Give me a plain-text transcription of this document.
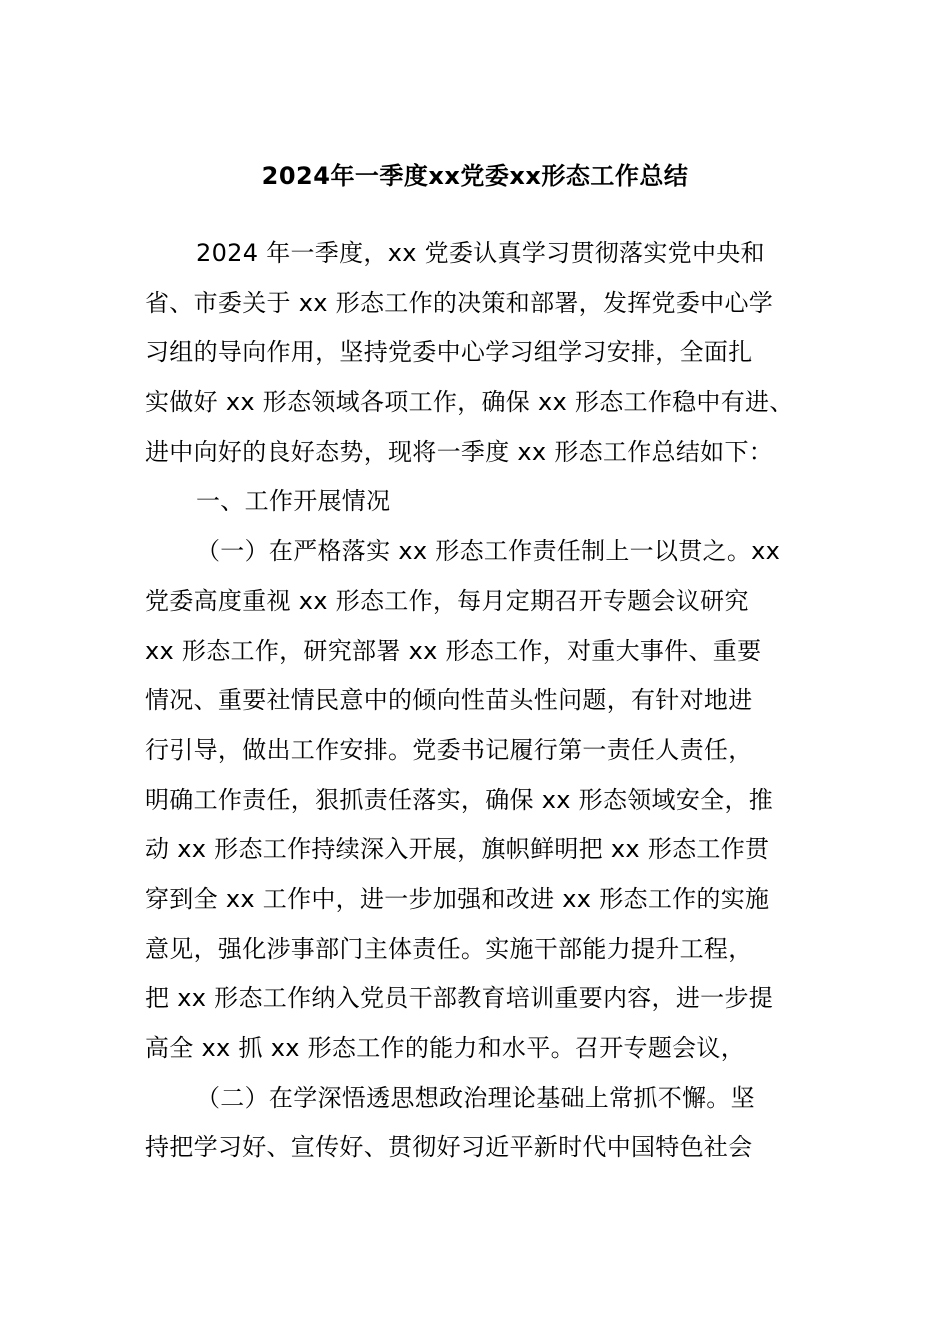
2024年一季度xx党委xx形态工作总结
2024 年一季度，xx 党委认真学习贯彻落实党中央和
省、市委关于 xx 形态工作的决策和部署，发挥党委中心学
习组的导向作用，坚持党委中心学习组学习安排，全面扎
实做好 xx 形态领域各项工作，确保 xx 形态工作稳中有进、
进中向好的良好态势，现将一季度 xx 形态工作总结如下：
一、工作开展情况
（一）在严格落实 xx 形态工作责任制上一以贯之。xx
党委高度重视 xx 形态工作，每月定期召开专题会议研究
xx 形态工作，研究部署 xx 形态工作，对重大事件、重要
情况、重要社情民意中的倾向性苗头性问题，有针对地进
行引导，做出工作安排。党委书记履行第一责任人责任，
明确工作责任，狠抓责任落实，确保 xx 形态领域安全，推
动 xx 形态工作持续深入开展，旗帜鲜明把 xx 形态工作贯
穿到全 xx 工作中，进一步加强和改进 xx 形态工作的实施
意见，强化涉事部门主体责任。实施干部能力提升工程，
把 xx 形态工作纳入党员干部教育培训重要内容，进一步提
高全 xx 抓 xx 形态工作的能力和水平。召开专题会议，
（二）在学深悟透思想政治理论基础上常抓不懈。坚
持把学习好、宣传好、贯彻好习近平新时代中国特色社会
